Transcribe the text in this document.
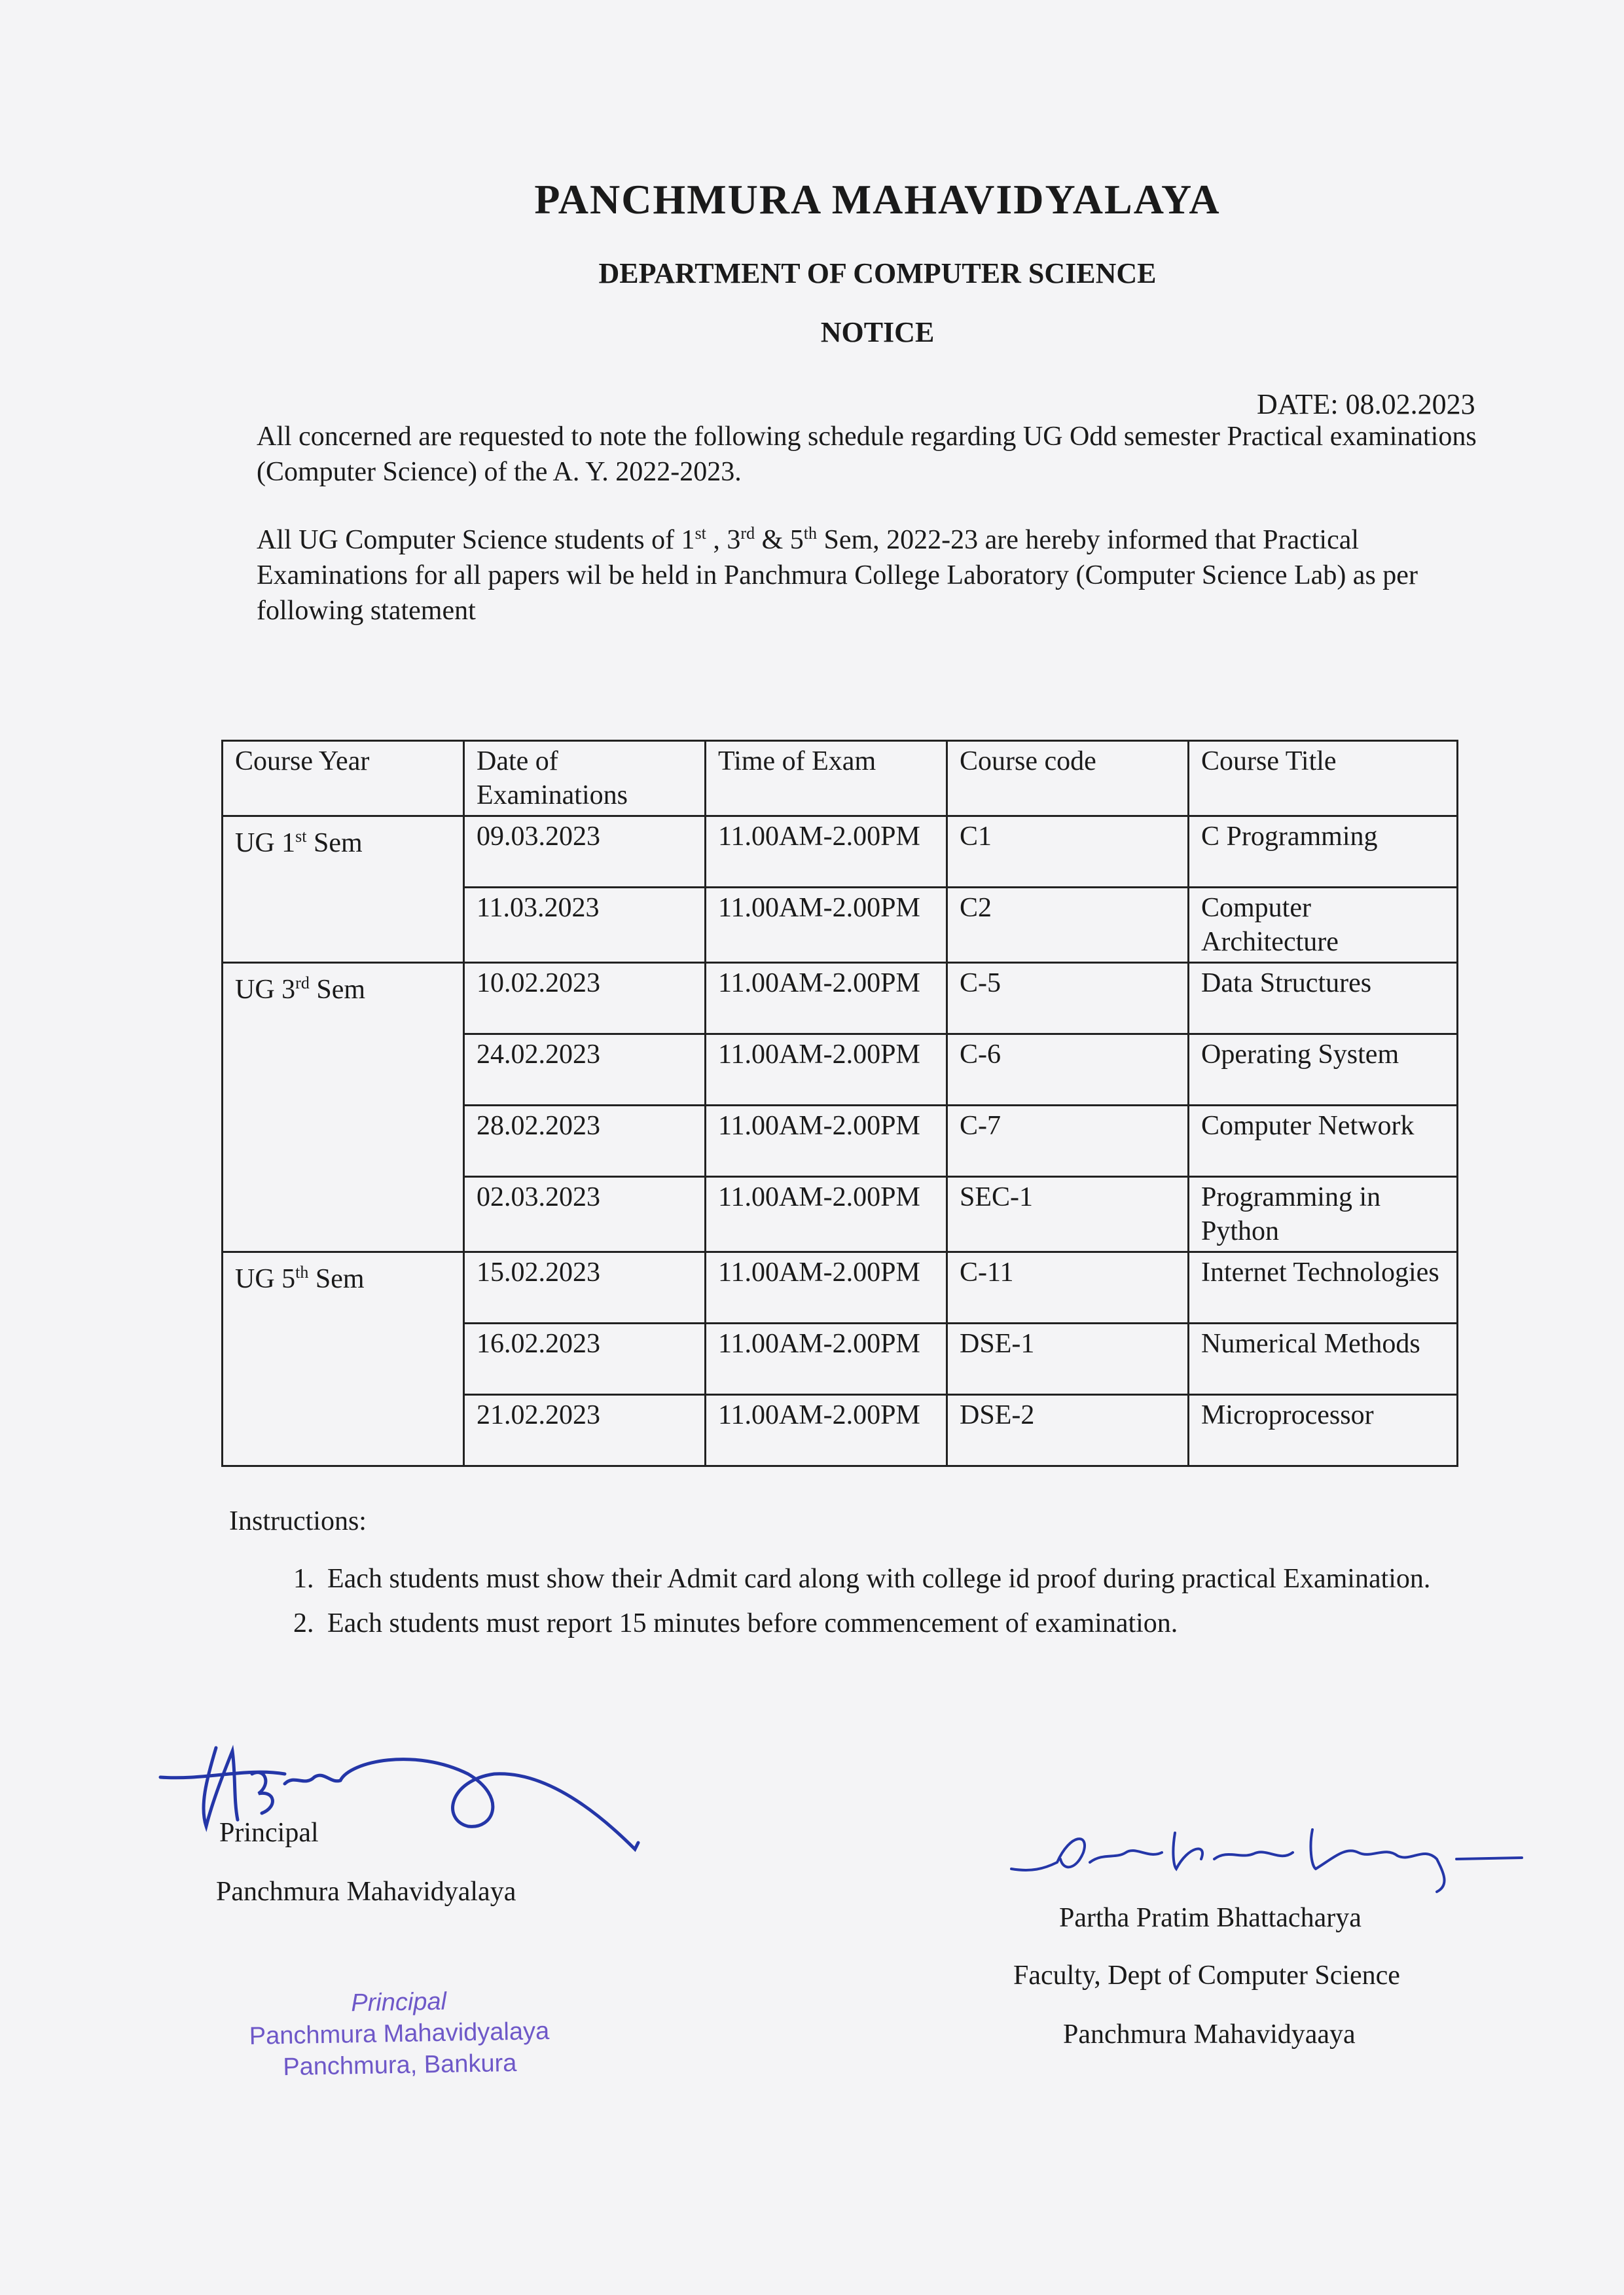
PANCHMURA MAHAVIDYALAYA
DEPARTMENT OF COMPUTER SCIENCE
NOTICE
DATE: 08.02.2023
All concerned are requested to note the following schedule regarding UG Odd semester Practical examinations (Computer Science) of the A. Y. 2022-2023.
All UG Computer Science students of 1st , 3rd & 5th Sem, 2022-23 are hereby informed that Practical Examinations for all papers wil be held in Panchmura College Laboratory (Computer Science Lab) as per following statement
Course Year	Date of Examinations	Time of Exam	Course code	Course Title
UG 1st Sem	09.03.2023	11.00AM-2.00PM	C1	C Programming
	11.03.2023	11.00AM-2.00PM	C2	Computer Architecture
UG 3rd Sem	10.02.2023	11.00AM-2.00PM	C-5	Data Structures
	24.02.2023	11.00AM-2.00PM	C-6	Operating System
	28.02.2023	11.00AM-2.00PM	C-7	Computer Network
	02.03.2023	11.00AM-2.00PM	SEC-1	Programming in Python
UG 5th Sem	15.02.2023	11.00AM-2.00PM	C-11	Internet Technologies
	16.02.2023	11.00AM-2.00PM	DSE-1	Numerical Methods
	21.02.2023	11.00AM-2.00PM	DSE-2	Microprocessor
Instructions:
1. Each students must show their Admit card along with college id proof during practical Examination.
2. Each students must report 15 minutes before commencement of examination.
Principal
Panchmura Mahavidyalaya
Principal
Panchmura Mahavidyalaya
Panchmura, Bankura
Partha Pratim Bhattacharya
Faculty, Dept of Computer Science
Panchmura Mahavidyaaya
